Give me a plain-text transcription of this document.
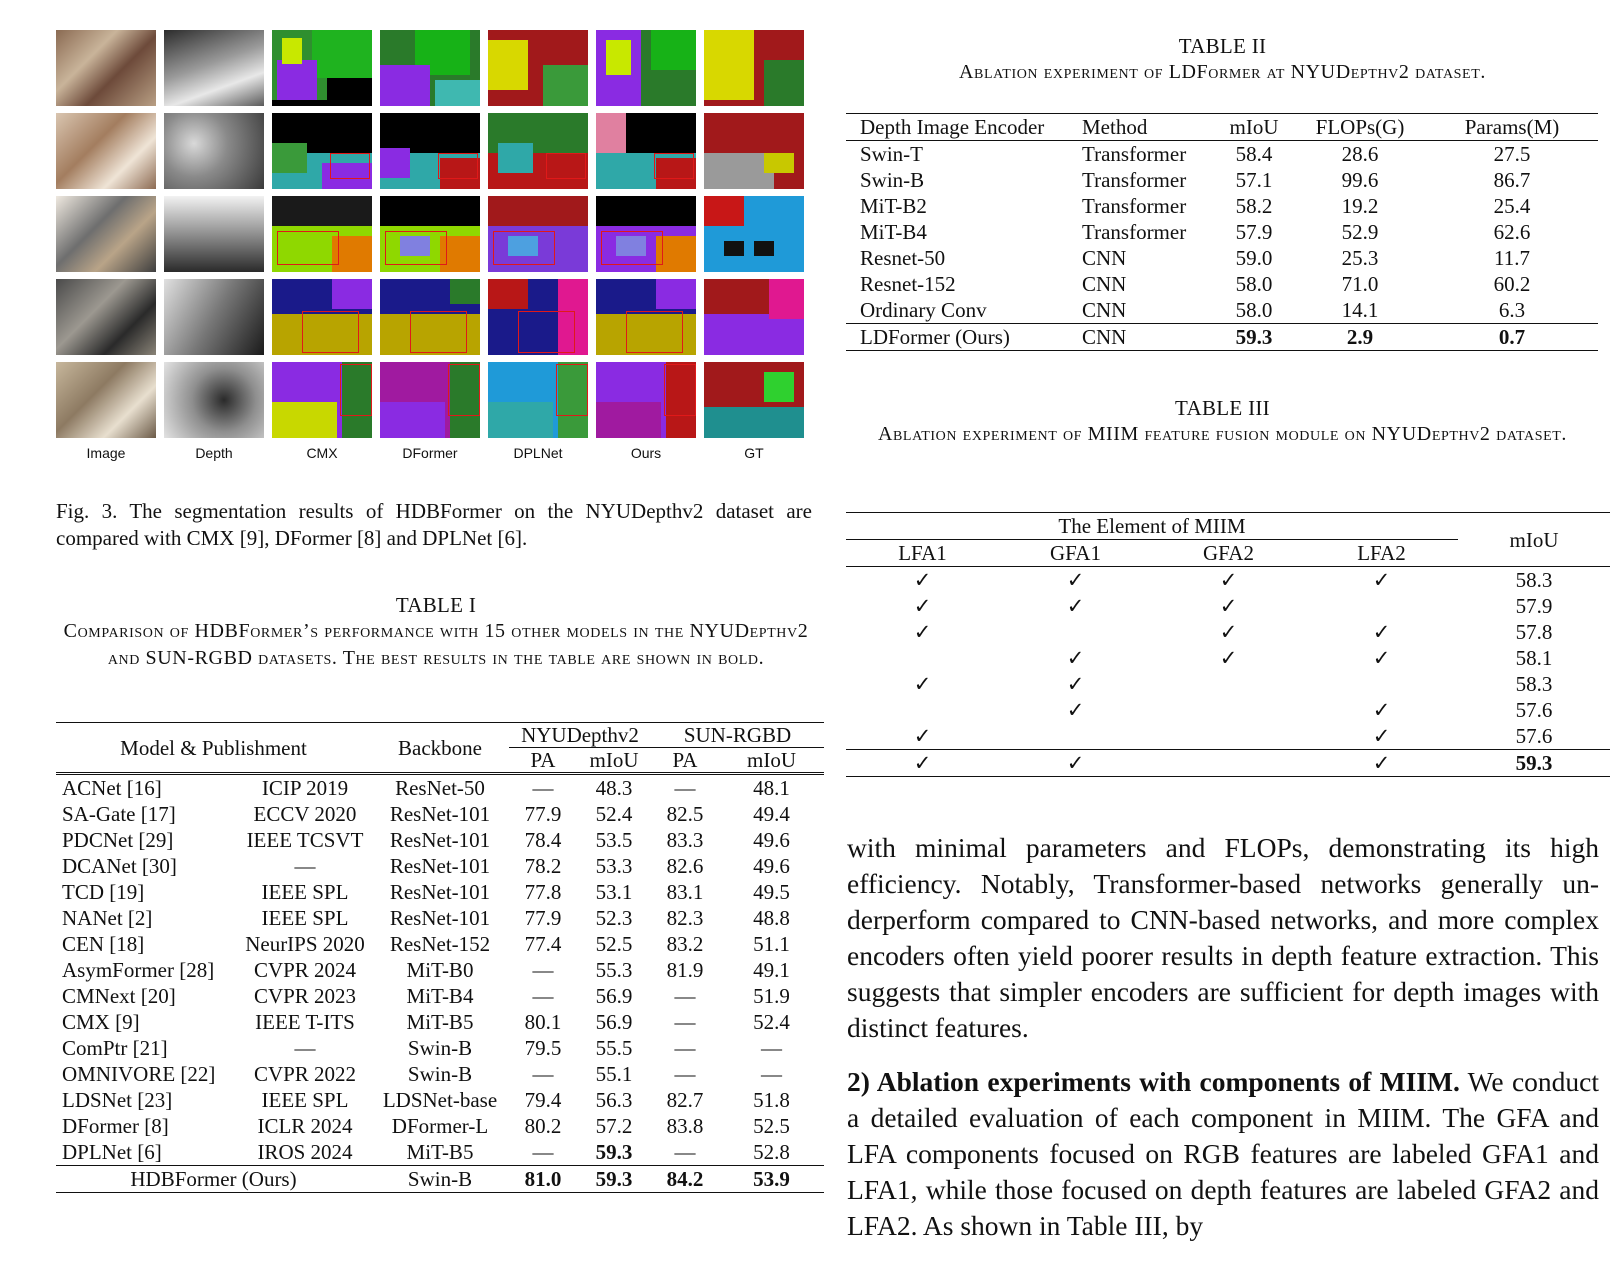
Image	Depth	CMX	DFormer	DPLNet	Ours	GT
Fig. 3. The segmentation results of HDBFormer on the NYUDepthv2 dataset are compared with CMX [9], DFormer [8] and DPLNet [6].
TABLE I
Comparison of HDBFormer’s performance with 15 other models in the NYUDepthv2 and SUN-RGBD datasets. The best results in the table are shown in bold.
Model & Publishment		Backbone	NYUDepthv2		SUN-RGBD	
			PA	mIoU	PA	mIoU
ACNet [16]	ICIP 2019	ResNet-50	—	48.3	—	48.1
SA-Gate [17]	ECCV 2020	ResNet-101	77.9	52.4	82.5	49.4
PDCNet [29]	IEEE TCSVT	ResNet-101	78.4	53.5	83.3	49.6
DCANet [30]	—	ResNet-101	78.2	53.3	82.6	49.6
TCD [19]	IEEE SPL	ResNet-101	77.8	53.1	83.1	49.5
NANet [2]	IEEE SPL	ResNet-101	77.9	52.3	82.3	48.8
CEN [18]	NeurIPS 2020	ResNet-152	77.4	52.5	83.2	51.1
AsymFormer [28]	CVPR 2024	MiT-B0	—	55.3	81.9	49.1
CMNext [20]	CVPR 2023	MiT-B4	—	56.9	—	51.9
CMX [9]	IEEE T-ITS	MiT-B5	80.1	56.9	—	52.4
ComPtr [21]	—	Swin-B	79.5	55.5	—	—
OMNIVORE [22]	CVPR 2022	Swin-B	—	55.1	—	—
LDSNet [23]	IEEE SPL	LDSNet-base	79.4	56.3	82.7	51.8
DFormer [8]	ICLR 2024	DFormer-L	80.2	57.2	83.8	52.5
DPLNet [6]	IROS 2024	MiT-B5	—	59.3	—	52.8
HDBFormer (Ours)		Swin-B	81.0	59.3	84.2	53.9
TABLE II
Ablation experiment of LDFormer at NYUDepthv2 dataset.
Depth Image Encoder	Method	mIoU	FLOPs(G)	Params(M)
Swin-T	Transformer	58.4	28.6	27.5
Swin-B	Transformer	57.1	99.6	86.7
MiT-B2	Transformer	58.2	19.2	25.4
MiT-B4	Transformer	57.9	52.9	62.6
Resnet-50	CNN	59.0	25.3	11.7
Resnet-152	CNN	58.0	71.0	60.2
Ordinary Conv	CNN	58.0	14.1	6.3
LDFormer (Ours)	CNN	59.3	2.9	0.7
TABLE III
Ablation experiment of MIIM feature fusion module on NYUDepthv2 dataset.
The Element of MIIM				mIoU
LFA1	GFA1	GFA2	LFA2	
✓	✓	✓	✓	58.3
✓	✓	✓		57.9
✓		✓	✓	57.8
	✓	✓	✓	58.1
✓	✓			58.3
	✓		✓	57.6
✓			✓	57.6
✓	✓		✓	59.3

with minimal parameters and FLOPs, demonstrating its high efficiency. Notably, Transformer-based networks generally un-derperform compared to CNN-based networks, and more complex encoders often yield poorer results in depth feature extraction. This suggests that simpler encoders are sufficient for depth images with distinct features.

2) Ablation experiments with components of MIIM. We conduct a detailed evaluation of each component in MIIM. The GFA and LFA components focused on RGB features are labeled GFA1 and LFA1, while those focused on depth features are labeled GFA2 and LFA2. As shown in Table III, by
